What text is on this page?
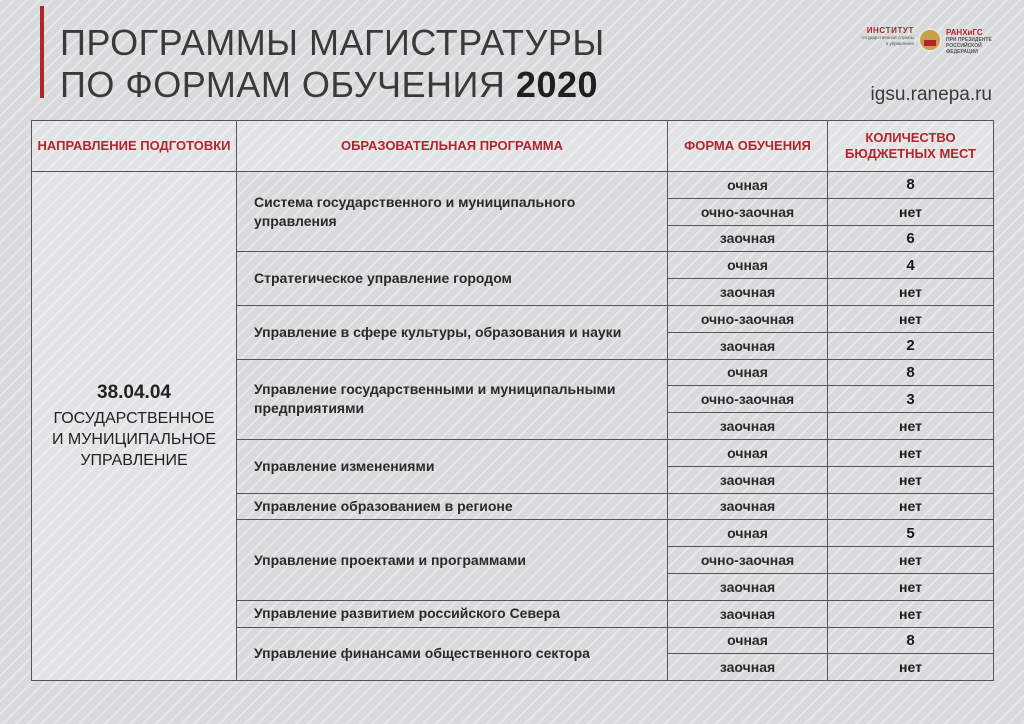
ПРОГРАММЫ МАГИСТРАТУРЫ
ПО ФОРМАМ ОБУЧЕНИЯ 2020
ИНСТИТУТ
государственной службы
и управления
РАНХиГС
ПРИ ПРЕЗИДЕНТЕ
РОССИЙСКОЙ ФЕДЕРАЦИИ
igsu.ranepa.ru
НАПРАВЛЕНИЕ ПОДГОТОВКИ	ОБРАЗОВАТЕЛЬНАЯ ПРОГРАММА	ФОРМА ОБУЧЕНИЯ	КОЛИЧЕСТВО БЮДЖЕТНЫХ МЕСТ

38.04.04
ГОСУДАРСТВЕННОЕ
И МУНИЦИПАЛЬНОЕ
УПРАВЛЕНИЕ	Система государственного и муниципального управления	очная	8
		очно-заочная	нет
		заочная	6
	Стратегическое управление городом	очная	4
		заочная	нет
	Управление в сфере культуры, образования и науки	очно-заочная	нет
		заочная	2
	Управление государственными и муниципальными предприятиями	очная	8
		очно-заочная	3
		заочная	нет
	Управление изменениями	очная	нет
		заочная	нет
	Управление образованием в регионе	заочная	нет
	Управление проектами и программами	очная	5
		очно-заочная	нет
		заочная	нет
	Управление развитием российского Севера	заочная	нет
	Управление финансами общественного сектора	очная	8
		заочная	нет
